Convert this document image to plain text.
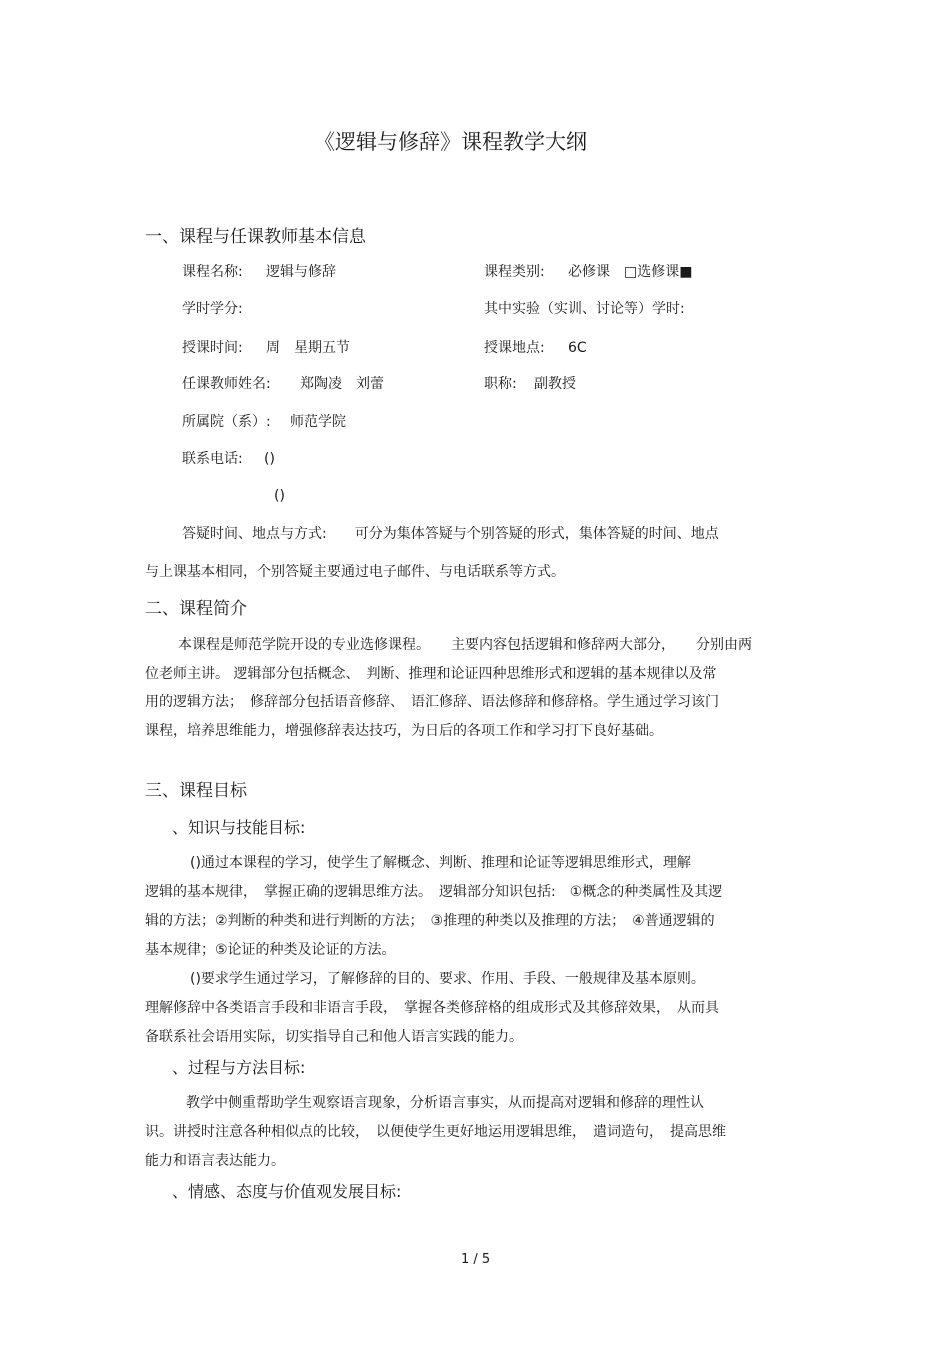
《逻辑与修辞》课程教学大纲
一、课程与任课教师基本信息
课程名称: 逻辑与修辞	课程类别: 必修课　□选修课■
学时学分:	其中实验（实训、讨论等）学时:
授课时间: 周　星期五节	授课地点: 6C
任课教师姓名: 郑陶凌　刘蕾	职称: 副教授
所属院（系）: 师范学院
联系电话: ()
()
答疑时间、地点与方式:　　可分为集体答疑与个别答疑的形式，集体答疑的时间、地点
与上课基本相同，个别答疑主要通过电子邮件、与电话联系等方式。
二、课程简介
本课程是师范学院开设的专业选修课程。　　主要内容包括逻辑和修辞两大部分，　　分别由两
位老师主讲。 逻辑部分包括概念、　判断、推理和论证四种思维形式和逻辑的基本规律以及常
用的逻辑方法；　修辞部分包括语音修辞、　语汇修辞、语法修辞和修辞格。学生通过学习该门
课程，培养思维能力，增强修辞表达技巧，为日后的各项工作和学习打下良好基础。
三、课程目标
、知识与技能目标:
()通过本课程的学习，使学生了解概念、判断、推理和论证等逻辑思维形式，理解
逻辑的基本规律，　掌握正确的逻辑思维方法。　逻辑部分知识包括:　①概念的种类属性及其逻
辑的方法；②判断的种类和进行判断的方法；　③推理的种类以及推理的方法；　④普通逻辑的
基本规律；⑤论证的种类及论证的方法。
()要求学生通过学习，了解修辞的目的、要求、作用、手段、一般规律及基本原则。
理解修辞中各类语言手段和非语言手段，　掌握各类修辞格的组成形式及其修辞效果，　从而具
备联系社会语用实际，切实指导自己和他人语言实践的能力。
、过程与方法目标:
教学中侧重帮助学生观察语言现象，分析语言事实，从而提高对逻辑和修辞的理性认
识。讲授时注意各种相似点的比较，　以便使学生更好地运用逻辑思维，　遣词造句，　提高思维
能力和语言表达能力。
、情感、态度与价值观发展目标:
1 / 5
